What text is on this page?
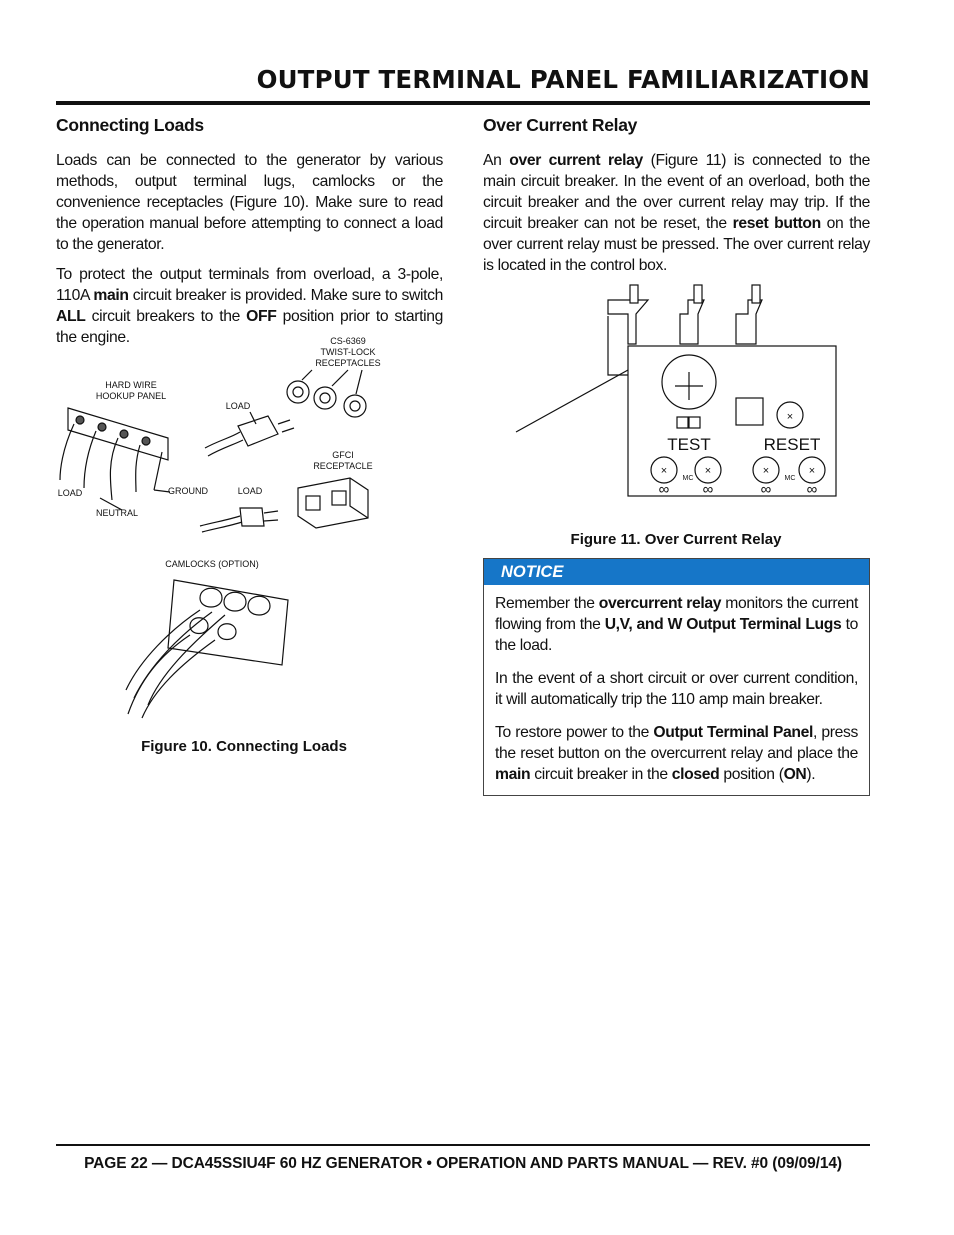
OUTPUT TERMINAL PANEL FAMILIARIZATION
Connecting Loads

Loads can be connected to the generator by various methods, output terminal lugs, camlocks or the convenience receptacles (Figure 10). Make sure to read the operation manual before attempting to connect a load to the generator.

To protect the output terminals from overload, a 3-pole, 110A main circuit breaker is provided. Make sure to switch ALL circuit breakers to the OFF position prior to starting the engine.	CS-6369
TWIST-LOCK
RECEPTACLES
HARD WIRE
HOOKUP PANEL
LOAD
GFCI
RECEPTACLE
LOAD	GROUND	LOAD
NEUTRAL
CAMLOCKS (OPTION)
Figure 10. Connecting Loads
Over Current Relay

An over current relay (Figure 11) is connected to the main circuit breaker. In the event of an overload, both the circuit breaker and the over current relay may trip. If the circuit breaker can not be reset, the reset button on the over current relay must be pressed. The over current relay is located in the control box.

×
×	×	×	×
∞ ∞	∞ ∞
TEST	RESET
MC	MC
Figure 11. Over Current Relay
NOTICE

Remember the overcurrent relay monitors the current flowing from the U,V, and W Output Terminal Lugs to the load.

In the event of a short circuit or over current condition, it will automatically trip the 110 amp main breaker.

To restore power to the Output Terminal Panel, press the reset button on the overcurrent relay and place the main circuit breaker in the closed position (ON).

PAGE 22 — DCA45SSIU4F 60 HZ GENERATOR • OPERATION AND PARTS MANUAL — REV. #0 (09/09/14)
